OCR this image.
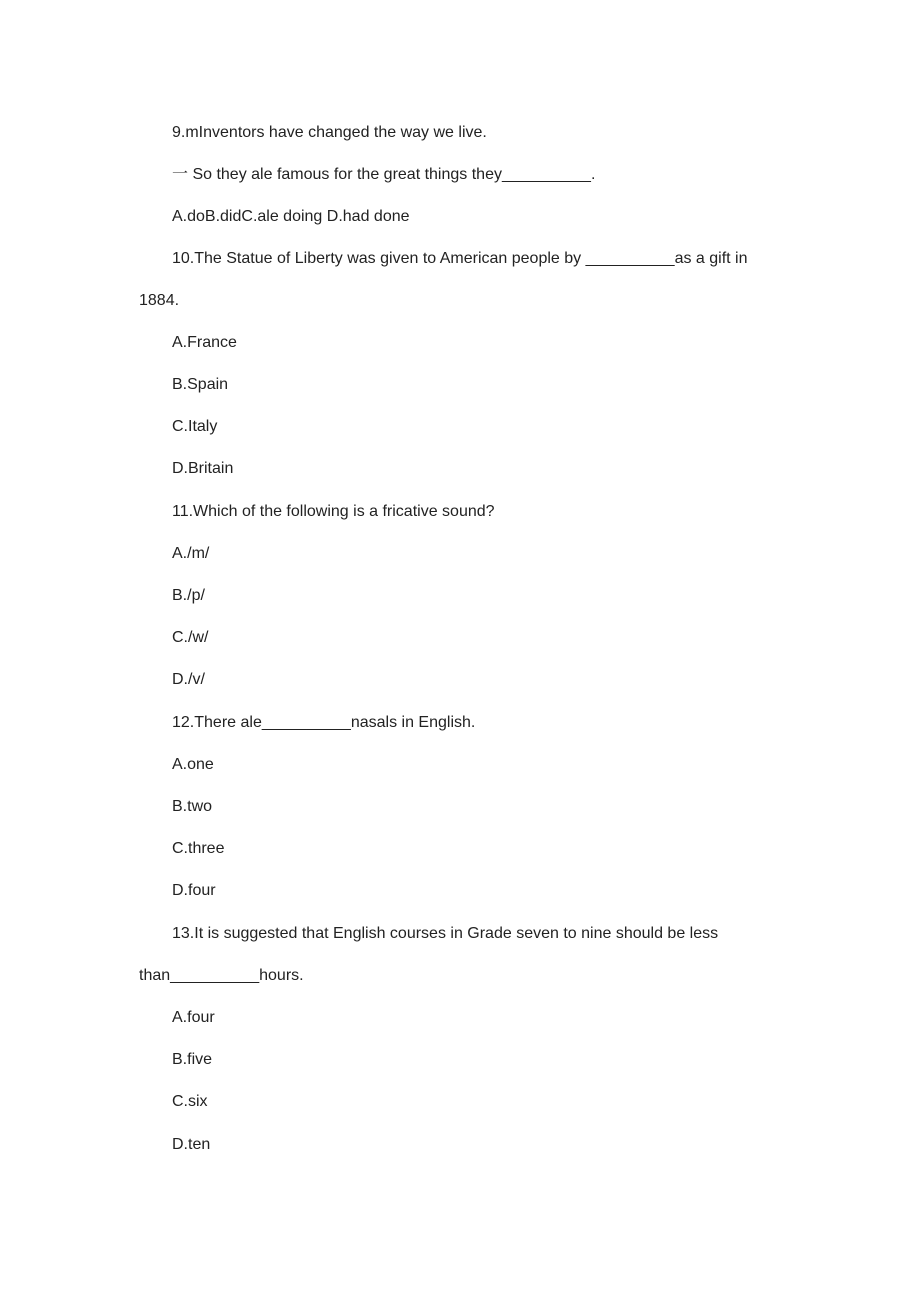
9.mInventors have changed the way we live.
一 So they ale famous for the great things they__________.
A.doB.didC.ale doing D.had done
10.The Statue of Liberty was given to American people by __________as a gift in
1884.
A.France
B.Spain
C.Italy
D.Britain
11.Which of the following is a fricative sound?
A./m/
B./p/
C./w/
D./v/
12.There ale__________nasals in English.
A.one
B.two
C.three
D.four
13.It is suggested that English courses in Grade seven to nine should be less
than__________hours.
A.four
B.five
C.six
D.ten
